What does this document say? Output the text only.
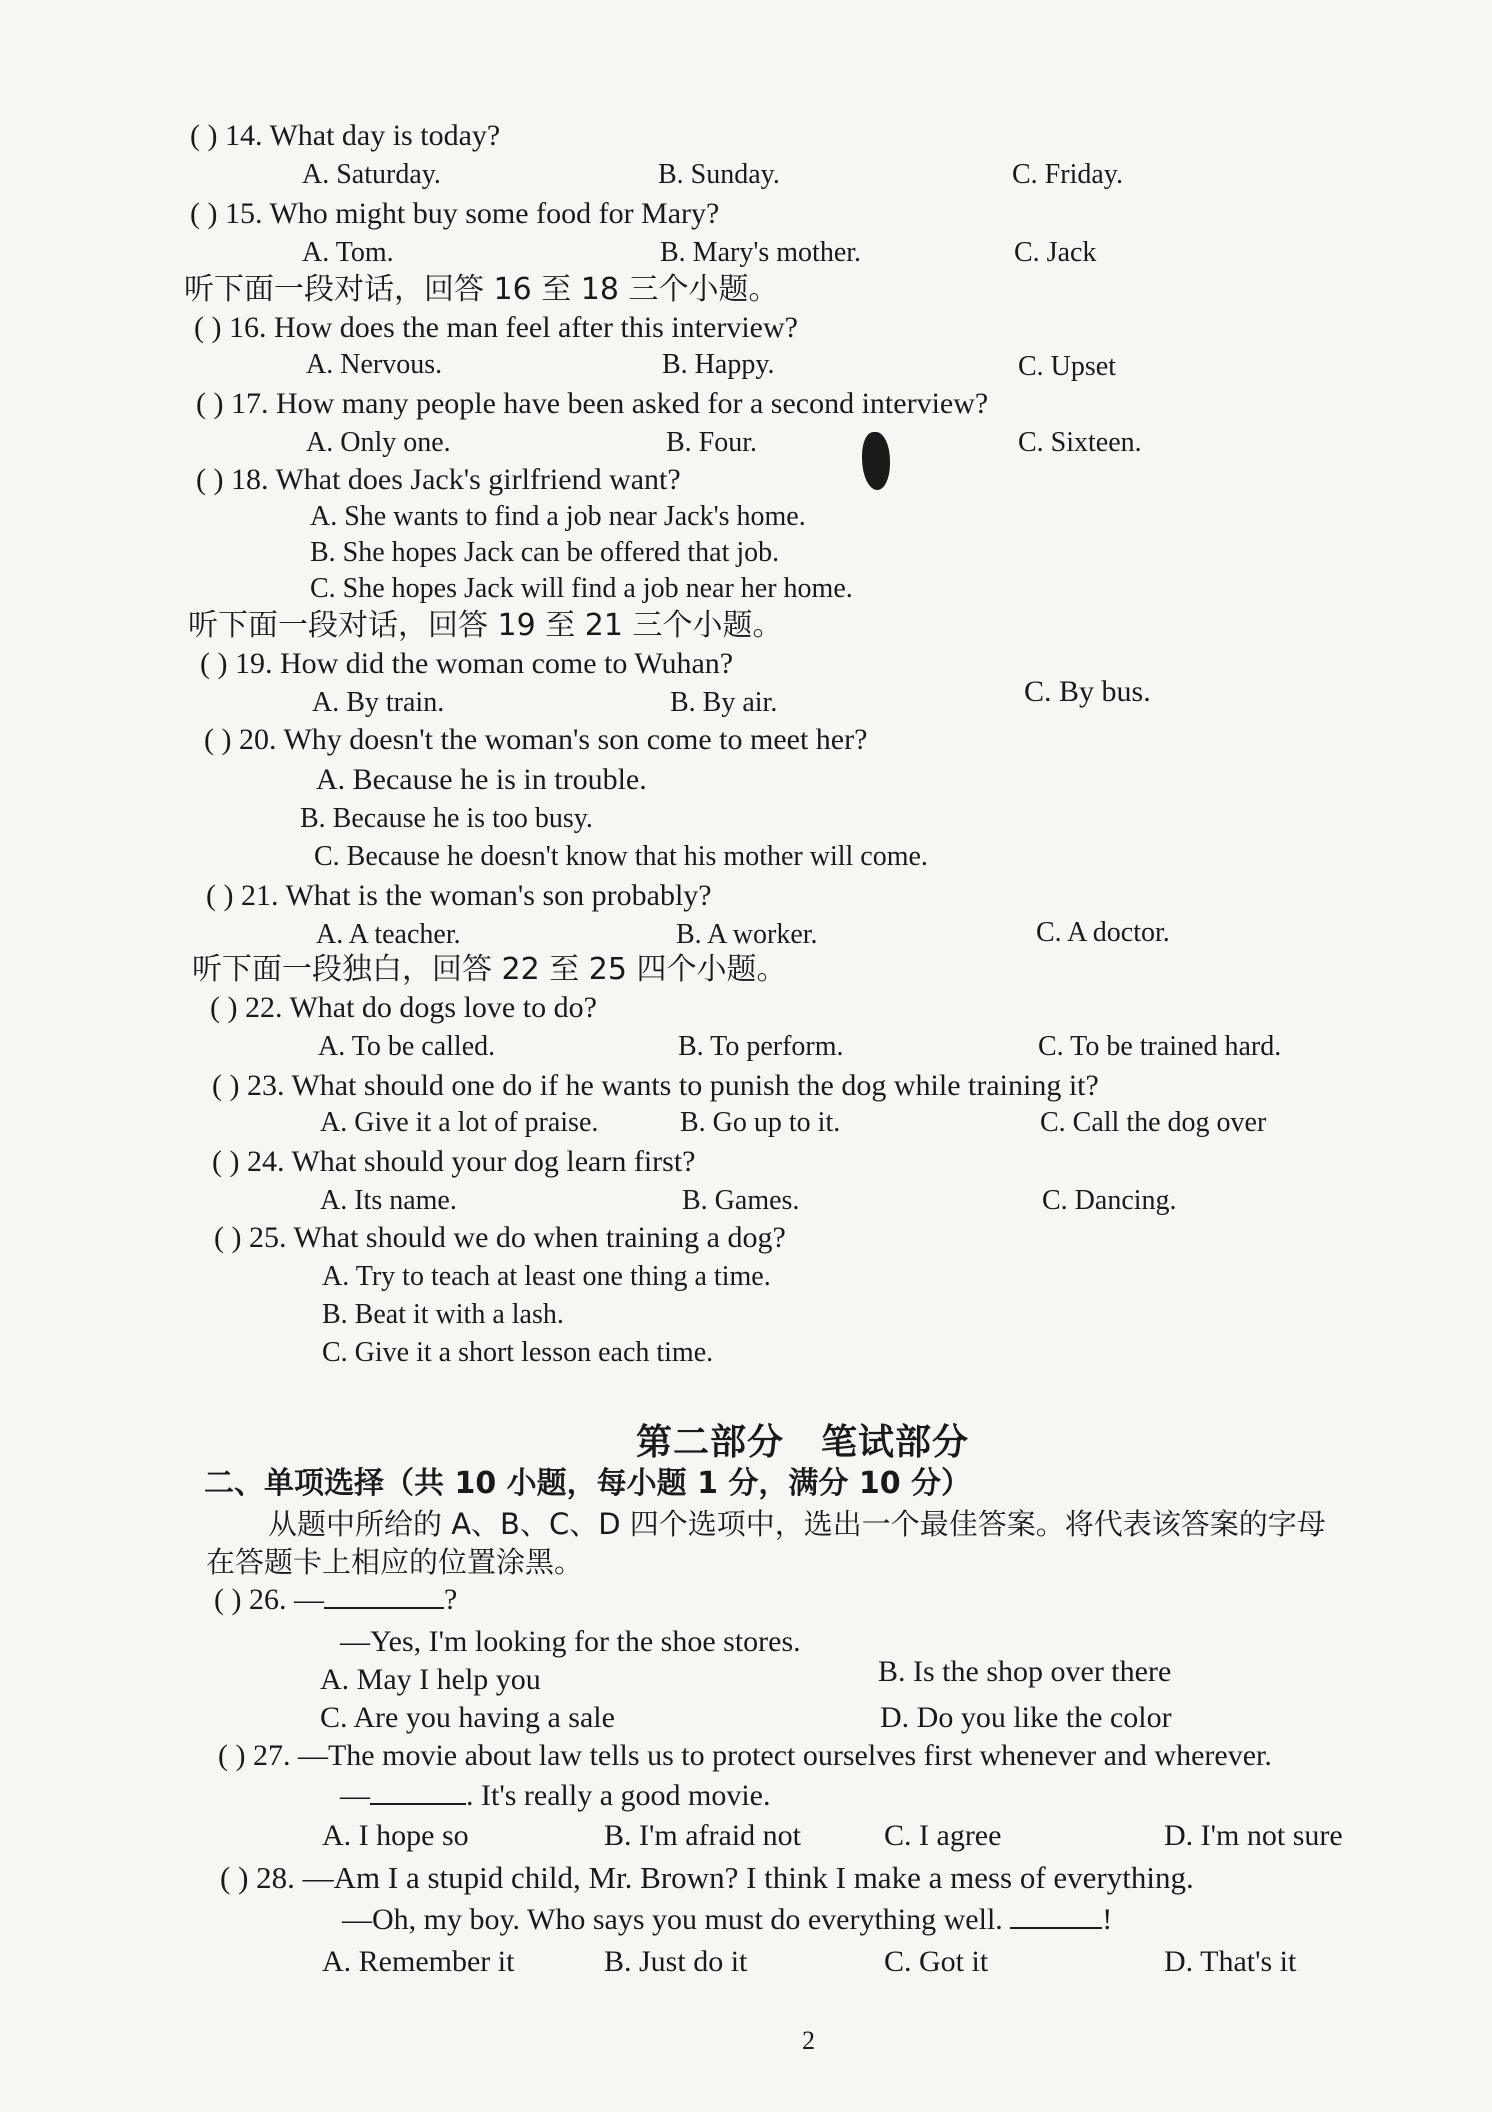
( ) 14. What day is today?
A. Saturday.	B. Sunday.	C. Friday.
( ) 15. Who might buy some food for Mary?
A. Tom.	B. Mary's mother.	C. Jack
听下面一段对话，回答 16 至 18 三个小题。
( ) 16. How does the man feel after this interview?
A. Nervous.	B. Happy.	C. Upset
( ) 17. How many people have been asked for a second interview?
A. Only one.	B. Four.	C. Sixteen.
( ) 18. What does Jack's girlfriend want?
A. She wants to find a job near Jack's home.
B. She hopes Jack can be offered that job.
C. She hopes Jack will find a job near her home.
听下面一段对话，回答 19 至 21 三个小题。
( ) 19. How did the woman come to Wuhan?
A. By train.	B. By air.	C. By bus.
( ) 20. Why doesn't the woman's son come to meet her?
A. Because he is in trouble.
B. Because he is too busy.
C. Because he doesn't know that his mother will come.
( ) 21. What is the woman's son probably?
A. A teacher.	B. A worker.	C. A doctor.
听下面一段独白，回答 22 至 25 四个小题。
( ) 22. What do dogs love to do?
A. To be called.	B. To perform.	C. To be trained hard.
( ) 23. What should one do if he wants to punish the dog while training it?
A. Give it a lot of praise.	B. Go up to it.	C. Call the dog over
( ) 24. What should your dog learn first?
A. Its name.	B. Games.	C. Dancing.
( ) 25. What should we do when training a dog?
A. Try to teach at least one thing a time.
B. Beat it with a lash.
C. Give it a short lesson each time.
第二部分　笔试部分
二、单项选择（共 10 小题，每小题 1 分，满分 10 分）
从题中所给的 A、B、C、D 四个选项中，选出一个最佳答案。将代表该答案的字母
在答题卡上相应的位置涂黑。
( ) 26. —	?
—Yes, I'm looking for the shoe stores.
A. May I help you	B. Is the shop over there
C. Are you having a sale	D. Do you like the color
( ) 27. —The movie about law tells us to protect ourselves first whenever and wherever.
—	. It's really a good movie.
A. I hope so	B. I'm afraid not	C. I agree	D. I'm not sure
( ) 28. —Am I a stupid child, Mr. Brown? I think I make a mess of everything.
—Oh, my boy. Who says you must do everything well.	!
A. Remember it	B. Just do it	C. Got it	D. That's it
2
